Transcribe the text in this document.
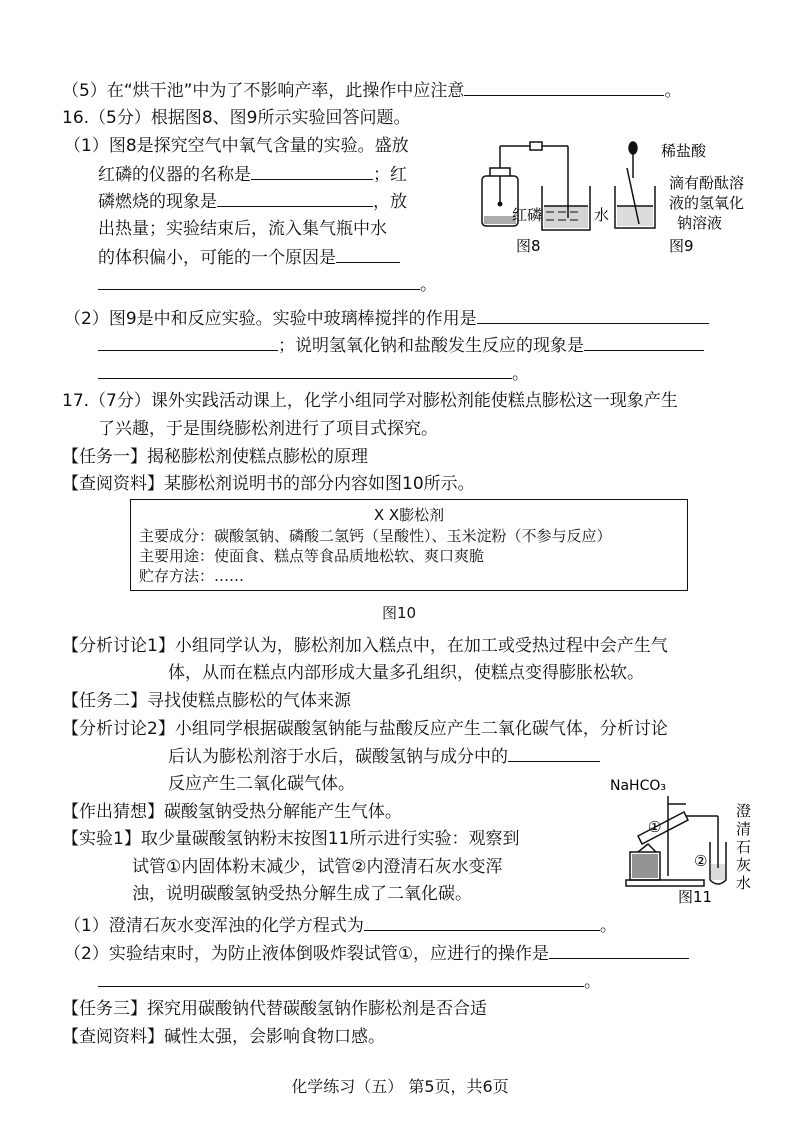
（5）在“烘干池”中为了不影响产率，此操作中应注意	。
16.（5分）根据图8、图9所示实验回答问题。
（1）图8是探究空气中氧气含量的实验。盛放
红磷的仪器的名称是	；红
磷燃烧的现象是	，放
出热量；实验结束后，流入集气瓶中水
的体积偏小，可能的一个原因是
。
红磷	水
图8
稀盐酸
滴有酚酞溶
液的氢氧化
钠溶液
图9
（2）图9是中和反应实验。实验中玻璃棒搅拌的作用是
；说明氢氧化钠和盐酸发生反应的现象是
。
17.（7分）课外实践活动课上，化学小组同学对膨松剂能使糕点膨松这一现象产生
了兴趣，于是围绕膨松剂进行了项目式探究。
【任务一】揭秘膨松剂使糕点膨松的原理
【查阅资料】某膨松剂说明书的部分内容如图10所示。
X X膨松剂
主要成分：碳酸氢钠、磷酸二氢钙（呈酸性）、玉米淀粉（不参与反应）
主要用途：使面食、糕点等食品质地松软、爽口爽脆
贮存方法：……
图10
【分析讨论1】小组同学认为，膨松剂加入糕点中，在加工或受热过程中会产生气
体，从而在糕点内部形成大量多孔组织，使糕点变得膨胀松软。
【任务二】寻找使糕点膨松的气体来源
【分析讨论2】小组同学根据碳酸氢钠能与盐酸反应产生二氧化碳气体，分析讨论
后认为膨松剂溶于水后，碳酸氢钠与成分中的
反应产生二氧化碳气体。
【作出猜想】碳酸氢钠受热分解能产生气体。
【实验1】取少量碳酸氢钠粉末按图11所示进行实验：观察到
试管①内固体粉末减少，试管②内澄清石灰水变浑
浊，说明碳酸氢钠受热分解生成了二氧化碳。
NaHCO₃
①
②
澄
清
石
灰
水
图11
（1）澄清石灰水变浑浊的化学方程式为	。
（2）实验结束时，为防止液体倒吸炸裂试管①，应进行的操作是
。
【任务三】探究用碳酸钠代替碳酸氢钠作膨松剂是否合适
【查阅资料】碱性太强，会影响食物口感。
化学练习（五） 第5页，共6页
